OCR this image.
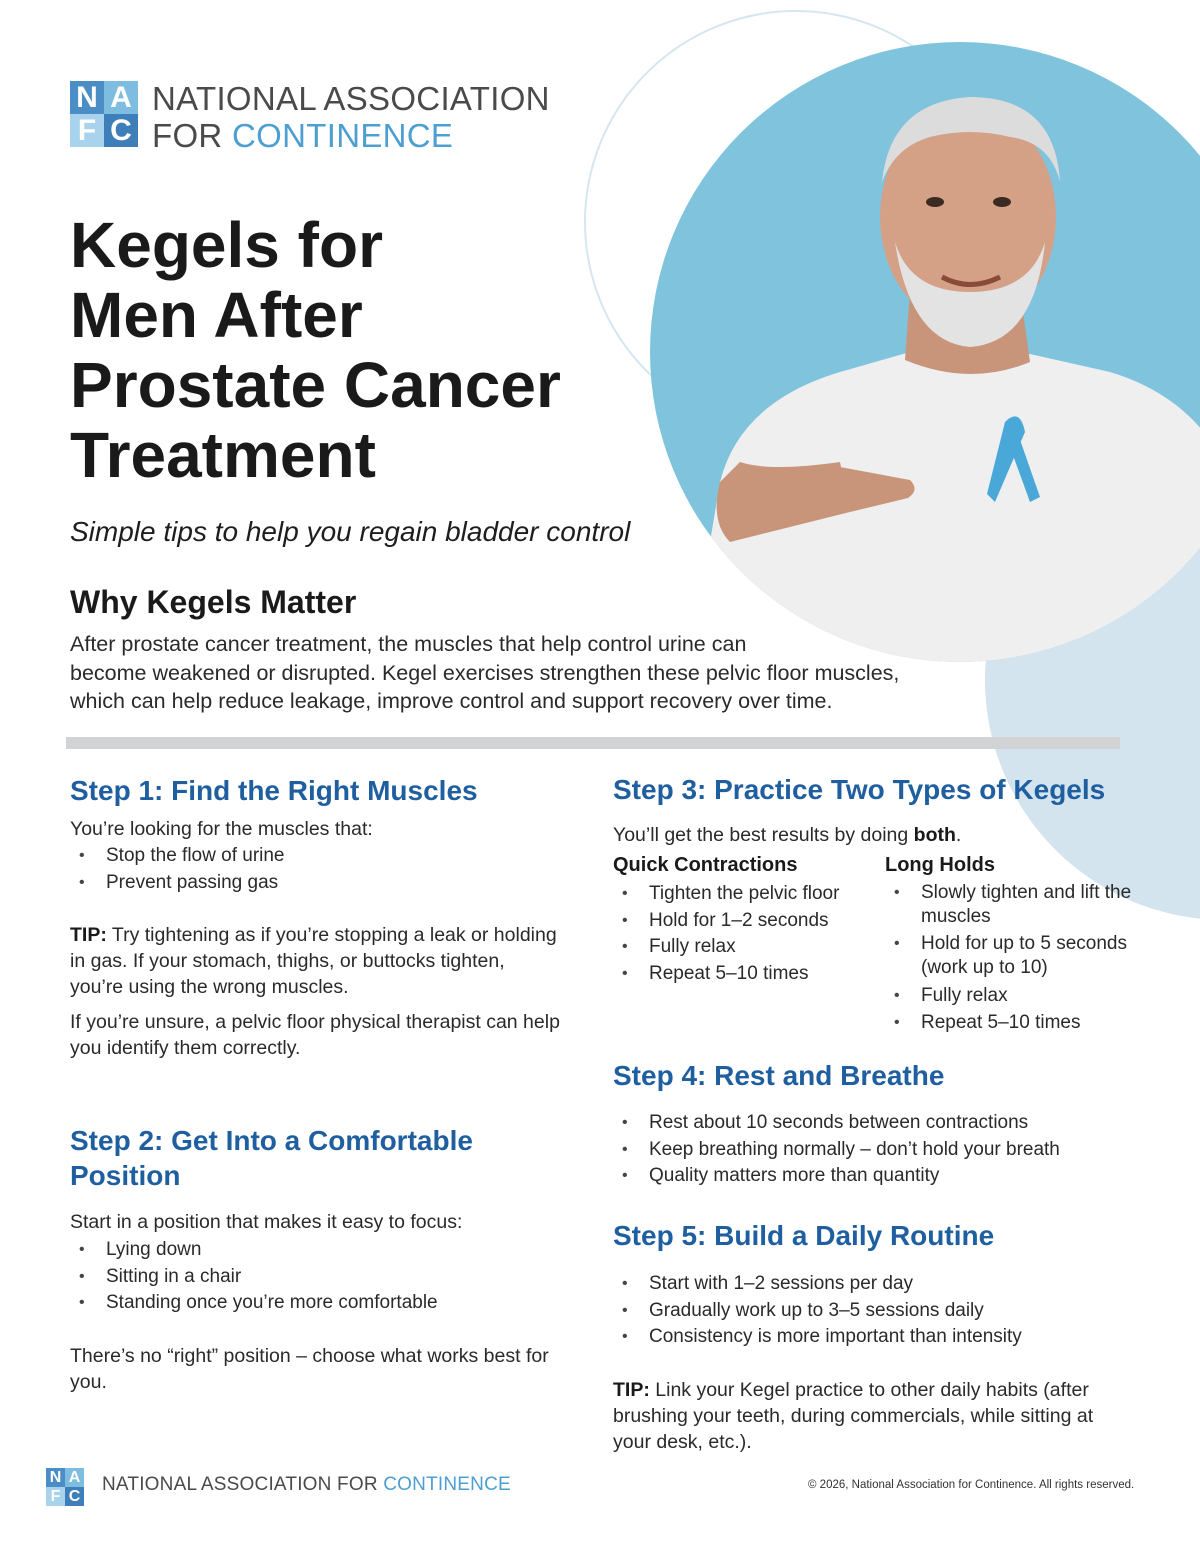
N A
F C
NATIONAL ASSOCIATION
FOR CONTINENCE
Kegels for
Men After
Prostate Cancer
Treatment
Simple tips to help you regain bladder control
Why Kegels Matter
After prostate cancer treatment, the muscles that help control urine can
become weakened or disrupted. Kegel exercises strengthen these pelvic floor muscles,
which can help reduce leakage, improve control and support recovery over time.
Step 1: Find the Right Muscles
You’re looking for the muscles that:
• Stop the flow of urine
• Prevent passing gas

TIP: Try tightening as if you’re stopping a leak or holding in gas. If your stomach, thighs, or buttocks tighten, you’re using the wrong muscles.

If you’re unsure, a pelvic floor physical therapist can help you identify them correctly.

Step 2: Get Into a Comfortable
Position
Start in a position that makes it easy to focus:
• Lying down
• Sitting in a chair
• Standing once you’re more comfortable

There’s no “right” position – choose what works best for you.

Step 3: Practice Two Types of Kegels
You’ll get the best results by doing both.
Quick Contractions
• Tighten the pelvic floor
• Hold for 1–2 seconds
• Fully relax
• Repeat 5–10 times
Long Holds
• Slowly tighten and lift the muscles
• Hold for up to 5 seconds (work up to 10)
• Fully relax
• Repeat 5–10 times
Step 4: Rest and Breathe
• Rest about 10 seconds between contractions
• Keep breathing normally – don’t hold your breath
• Quality matters more than quantity
Step 5: Build a Daily Routine
• Start with 1–2 sessions per day
• Gradually work up to 3–5 sessions daily
• Consistency is more important than intensity

TIP: Link your Kegel practice to other daily habits (after brushing your teeth, during commercials, while sitting at your desk, etc.).

N A
F C
NATIONAL ASSOCIATION FOR CONTINENCE	© 2026, National Association for Continence. All rights reserved.
